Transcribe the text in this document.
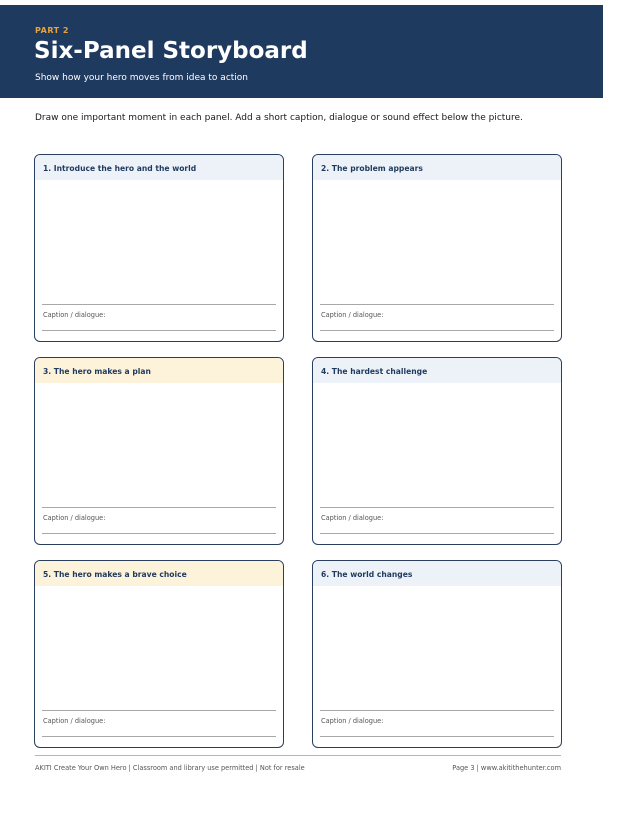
PART 2
Six-Panel Storyboard
Show how your hero moves from idea to action
Draw one important moment in each panel. Add a short caption, dialogue or sound effect below the picture.
1. Introduce the hero and the world
Caption / dialogue:
2. The problem appears
Caption / dialogue:
3. The hero makes a plan
Caption / dialogue:
4. The hardest challenge
Caption / dialogue:
5. The hero makes a brave choice
Caption / dialogue:
6. The world changes
Caption / dialogue:
AKITI Create Your Own Hero | Classroom and library use permitted | Not for resale	Page 3 | www.akitithehunter.com
